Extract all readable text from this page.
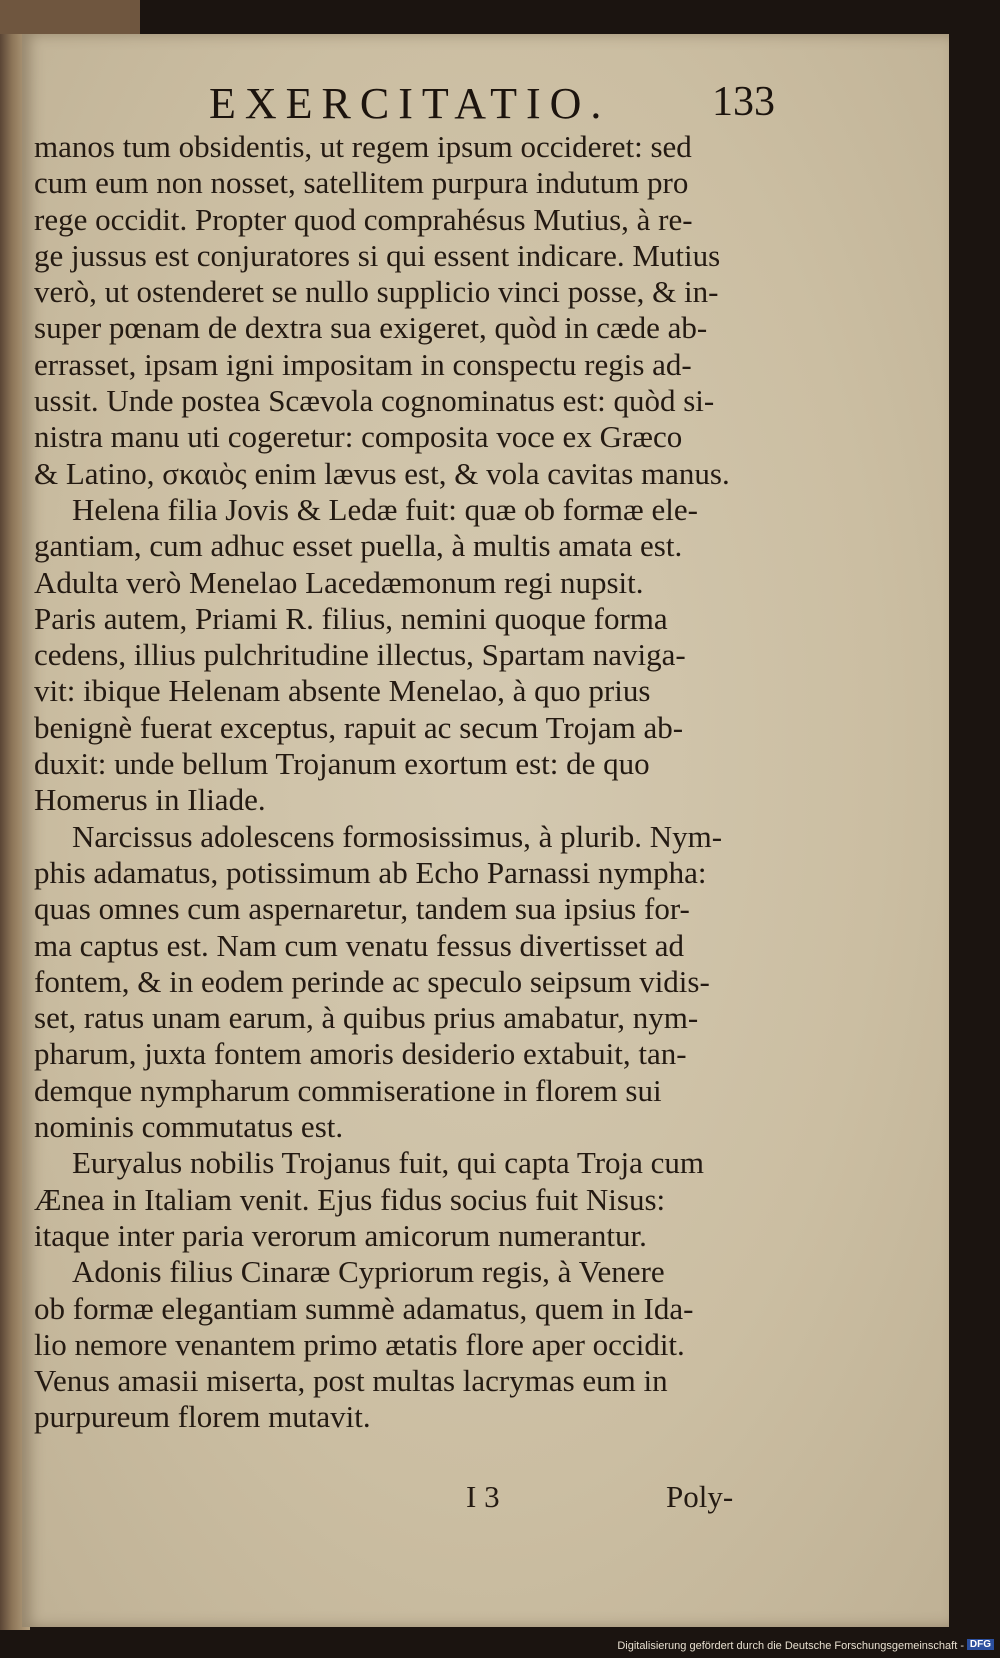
EXERCITATIO. 133
manos tum obsidentis, ut regem ipsum occideret: sed
cum eum non nosset, satellitem purpura indutum pro
rege occidit. Propter quod comprahésus Mutius, à re-
ge jussus est conjuratores si qui essent indicare. Mutius
verò, ut ostenderet se nullo supplicio vinci posse, & in-
super pœnam de dextra sua exigeret, quòd in cæde ab-
errasset, ipsam igni impositam in conspectu regis ad-
ussit. Unde postea Scævola cognominatus est: quòd si-
nistra manu uti cogeretur: composita voce ex Græco
& Latino, σκαιὸς enim lævus est, & vola cavitas manus.
Helena filia Jovis & Ledæ fuit: quæ ob formæ ele-
gantiam, cum adhuc esset puella, à multis amata est.
Adulta verò Menelao Lacedæmonum regi nupsit.
Paris autem, Priami R. filius, nemini quoque forma
cedens, illius pulchritudine illectus, Spartam naviga-
vit: ibique Helenam absente Menelao, à quo prius
benignè fuerat exceptus, rapuit ac secum Trojam ab-
duxit: unde bellum Trojanum exortum est: de quo
Homerus in Iliade.
Narcissus adolescens formosissimus, à plurib. Nym-
phis adamatus, potissimum ab Echo Parnassi nympha:
quas omnes cum aspernaretur, tandem sua ipsius for-
ma captus est. Nam cum venatu fessus divertisset ad
fontem, & in eodem perinde ac speculo seipsum vidis-
set, ratus unam earum, à quibus prius amabatur, nym-
pharum, juxta fontem amoris desiderio extabuit, tan-
demque nympharum commiseratione in florem sui
nominis commutatus est.
Euryalus nobilis Trojanus fuit, qui capta Troja cum
Ænea in Italiam venit. Ejus fidus socius fuit Nisus:
itaque inter paria verorum amicorum numerantur.
Adonis filius Cinaræ Cypriorum regis, à Venere
ob formæ elegantiam summè adamatus, quem in Ida-
lio nemore venantem primo ætatis flore aper occidit.
Venus amasii miserta, post multas lacrymas eum in
purpureum florem mutavit.
I 3	Poly-
Digitalisierung gefördert durch die Deutsche Forschungsgemeinschaft - DFG
